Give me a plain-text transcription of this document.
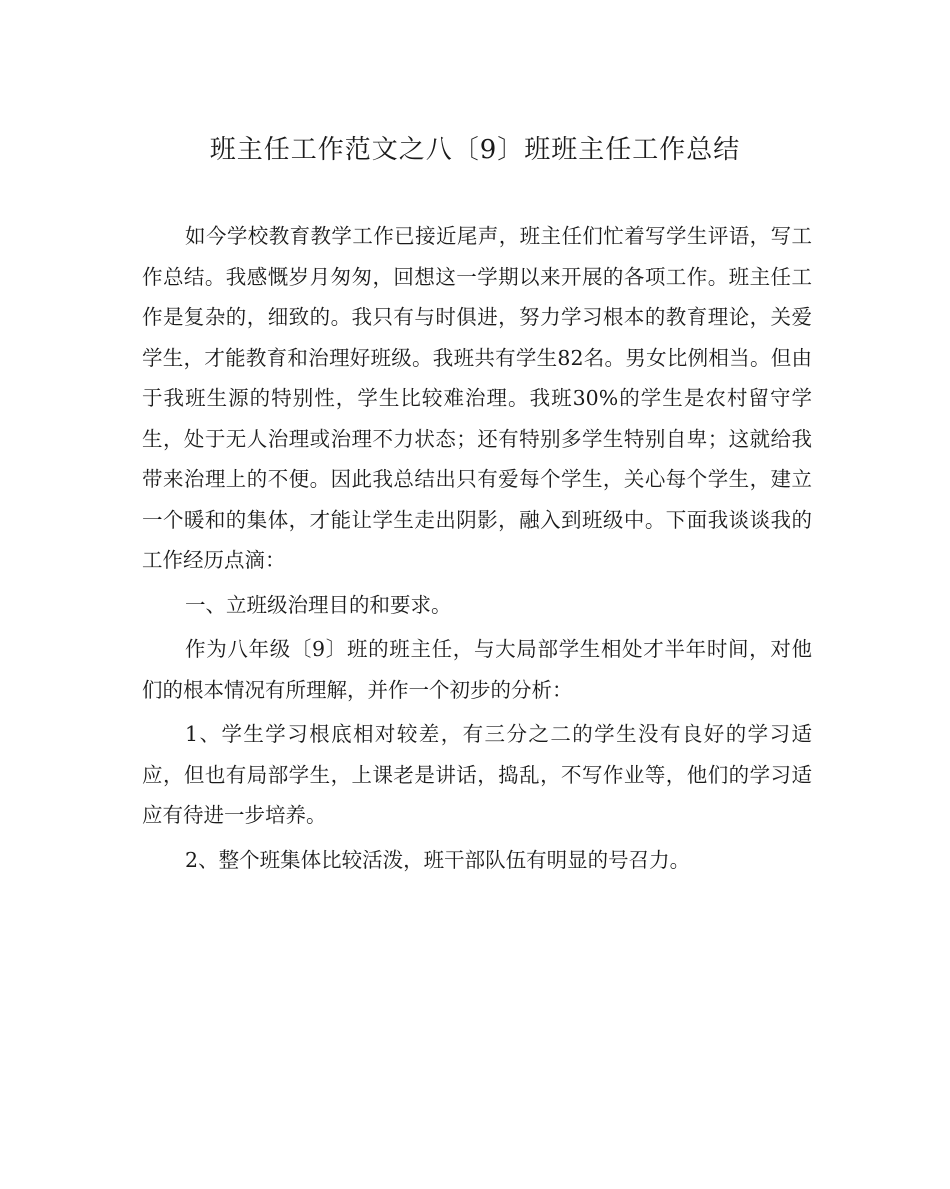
班主任工作范文之八〔9〕班班主任工作总结

如今学校教育教学工作已接近尾声，班主任们忙着写学生评语，写工作总结。我感慨岁月匆匆，回想这一学期以来开展的各项工作。班主任工作是复杂的，细致的。我只有与时俱进，努力学习根本的教育理论，关爱学生，才能教育和治理好班级。我班共有学生82名。男女比例相当。但由于我班生源的特别性，学生比较难治理。我班30%的学生是农村留守学生，处于无人治理或治理不力状态；还有特别多学生特别自卑；这就给我带来治理上的不便。因此我总结出只有爱每个学生，关心每个学生，建立一个暖和的集体，才能让学生走出阴影，融入到班级中。下面我谈谈我的工作经历点滴：

一、立班级治理目的和要求。

作为八年级〔9〕班的班主任，与大局部学生相处才半年时间，对他们的根本情况有所理解，并作一个初步的分析：

1、学生学习根底相对较差，有三分之二的学生没有良好的学习适应，但也有局部学生，上课老是讲话，捣乱，不写作业等，他们的学习适应有待进一步培养。

2、整个班集体比较活泼，班干部队伍有明显的号召力。
